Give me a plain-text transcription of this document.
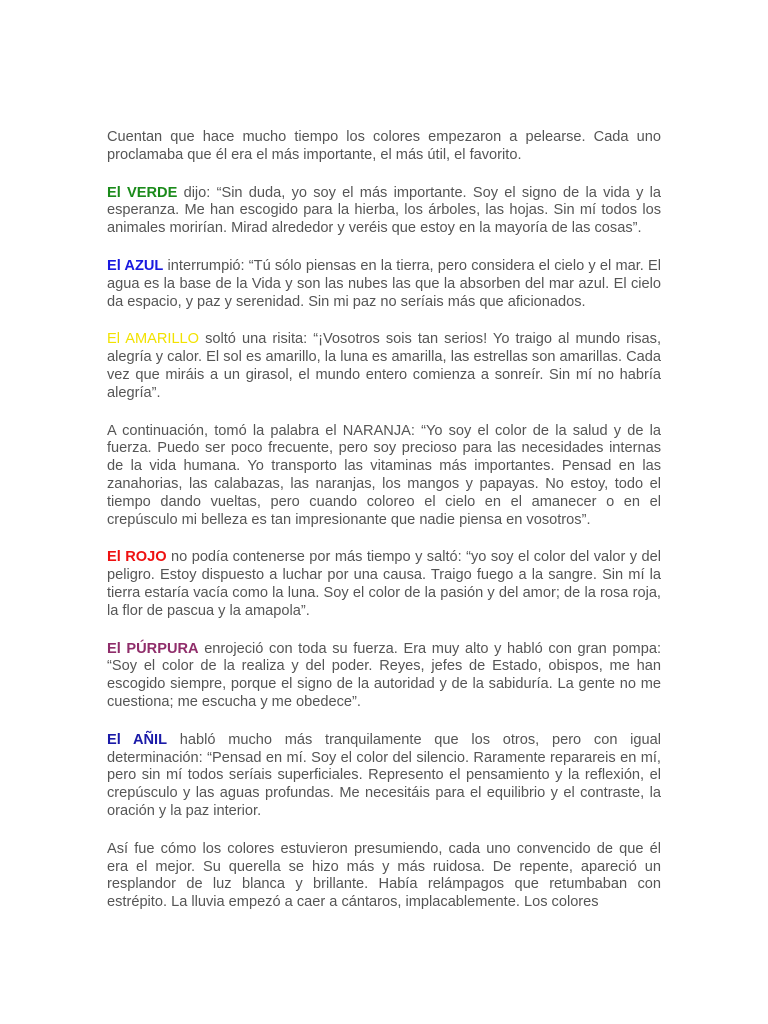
Cuentan que hace mucho tiempo los colores empezaron a pelearse. Cada uno proclamaba que él era el más importante, el más útil, el favorito.

El VERDE dijo: “Sin duda, yo soy el más importante. Soy el signo de la vida y la esperanza. Me han escogido para la hierba, los árboles, las hojas. Sin mí todos los animales morirían. Mirad alrededor y veréis que estoy en la mayoría de las cosas”.

El AZUL interrumpió: “Tú sólo piensas en la tierra, pero considera el cielo y el mar. El agua es la base de la Vida y son las nubes las que la absorben del mar azul. El cielo da espacio, y paz y serenidad. Sin mi paz no seríais más que aficionados.

El AMARILLO soltó una risita: “¡Vosotros sois tan serios! Yo traigo al mundo risas, alegría y calor. El sol es amarillo, la luna es amarilla, las estrellas son amarillas. Cada vez que miráis a un girasol, el mundo entero comienza a sonreír. Sin mí no habría alegría”.

A continuación, tomó la palabra el NARANJA: “Yo soy el color de la salud y de la fuerza. Puedo ser poco frecuente, pero soy precioso para las necesidades internas de la vida humana. Yo transporto las vitaminas más importantes. Pensad en las zanahorias, las calabazas, las naranjas, los mangos y papayas. No estoy, todo el tiempo dando vueltas, pero cuando coloreo el cielo en el amanecer o en el crepúsculo mi belleza es tan impresionante que nadie piensa en vosotros”.

El ROJO no podía contenerse por más tiempo y saltó: “yo soy el color del valor y del peligro. Estoy dispuesto a luchar por una causa. Traigo fuego a la sangre. Sin mí la tierra estaría vacía como la luna. Soy el color de la pasión y del amor; de la rosa roja, la flor de pascua y la amapola”.

El PÚRPURA enrojeció con toda su fuerza. Era muy alto y habló con gran pompa: “Soy el color de la realiza y del poder. Reyes, jefes de Estado, obispos, me han escogido siempre, porque el signo de la autoridad y de la sabiduría. La gente no me cuestiona; me escucha y me obedece”.

El AÑIL habló mucho más tranquilamente que los otros, pero con igual determinación: “Pensad en mí. Soy el color del silencio. Raramente reparareis en mí, pero sin mí todos seríais superficiales. Represento el pensamiento y la reflexión, el crepúsculo y las aguas profundas. Me necesitáis para el equilibrio y el contraste, la oración y la paz interior.

Así fue cómo los colores estuvieron presumiendo, cada uno convencido de que él era el mejor. Su querella se hizo más y más ruidosa. De repente, apareció un resplandor de luz blanca y brillante. Había relámpagos que retumbaban con estrépito. La lluvia empezó a caer a cántaros, implacablemente. Los colores
